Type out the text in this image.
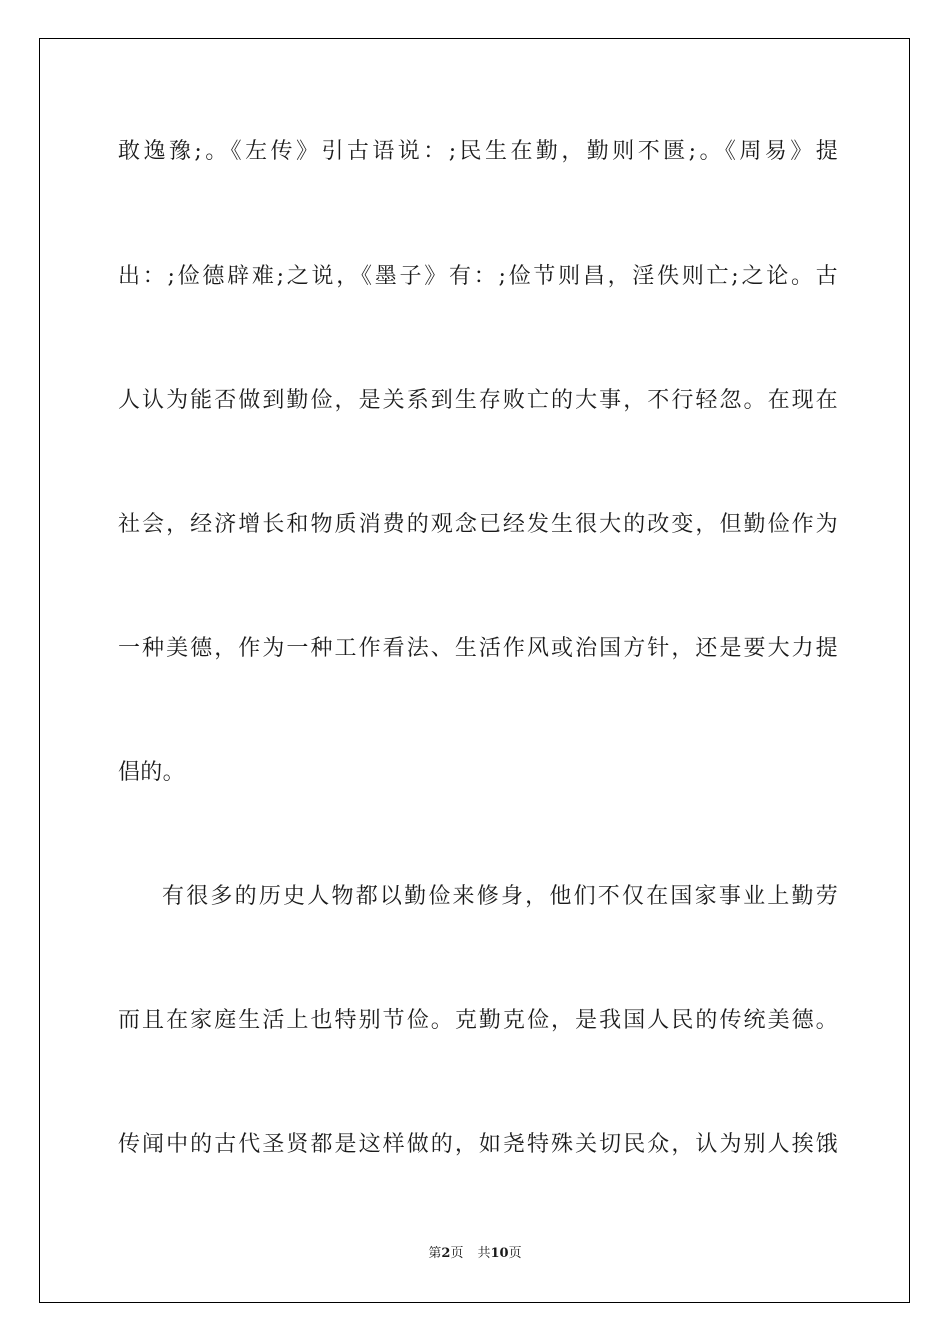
敢逸豫;。《左传》引古语说：;民生在勤，勤则不匮;。《周易》提
出：;俭德辟难;之说，《墨子》有：;俭节则昌，淫佚则亡;之论。古
人认为能否做到勤俭，是关系到生存败亡的大事，不行轻忽。在现在
社会，经济增长和物质消费的观念已经发生很大的改变，但勤俭作为
一种美德，作为一种工作看法、生活作风或治国方针，还是要大力提
倡的。
有很多的历史人物都以勤俭来修身，他们不仅在国家事业上勤劳
而且在家庭生活上也特别节俭。克勤克俭，是我国人民的传统美德。
传闻中的古代圣贤都是这样做的，如尧特殊关切民众，认为别人挨饿
第2页 共10页
